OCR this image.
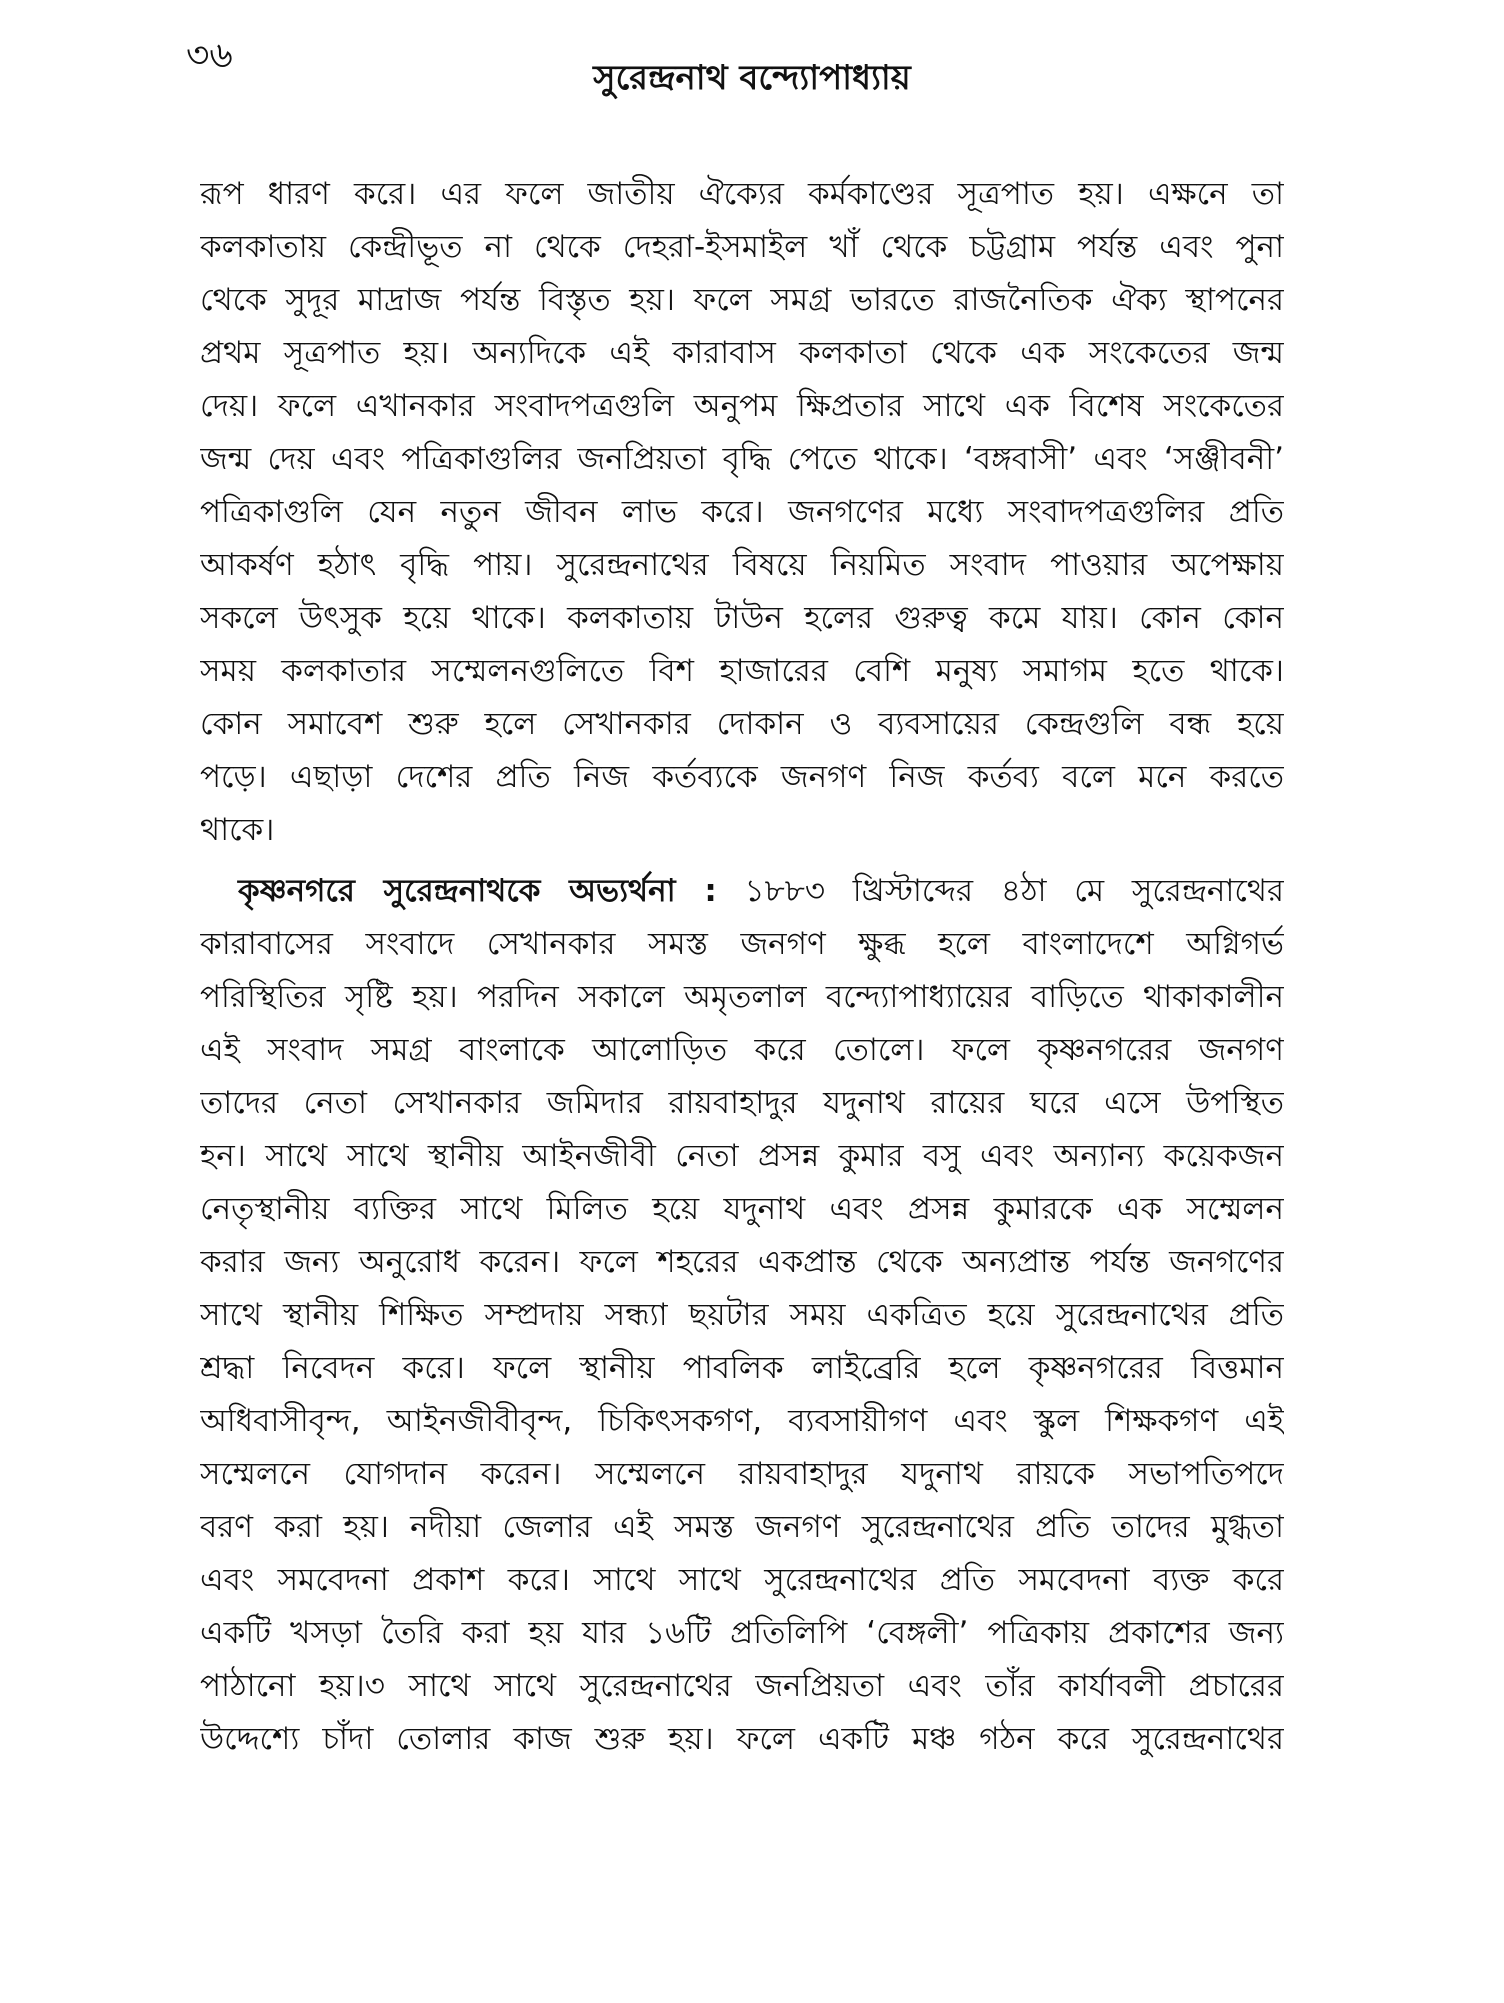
৩৬
সুরেন্দ্রনাথ বন্দ্যোপাধ্যায়
রূপ ধারণ করে। এর ফলে জাতীয় ঐক্যের কর্মকাণ্ডের সূত্রপাত হয়। এক্ষনে তা
কলকাতায় কেন্দ্রীভূত না থেকে দেহরা-ইসমাইল খাঁ থেকে চট্টগ্রাম পর্যন্ত এবং পুনা
থেকে সুদূর মাদ্রাজ পর্যন্ত বিস্তৃত হয়। ফলে সমগ্র ভারতে রাজনৈতিক ঐক্য স্থাপনের
প্রথম সূত্রপাত হয়। অন্যদিকে এই কারাবাস কলকাতা থেকে এক সংকেতের জন্ম
দেয়। ফলে এখানকার সংবাদপত্রগুলি অনুপম ক্ষিপ্রতার সাথে এক বিশেষ সংকেতের
জন্ম দেয় এবং পত্রিকাগুলির জনপ্রিয়তা বৃদ্ধি পেতে থাকে। ‘বঙ্গবাসী’ এবং ‘সঞ্জীবনী’
পত্রিকাগুলি যেন নতুন জীবন লাভ করে। জনগণের মধ্যে সংবাদপত্রগুলির প্রতি
আকর্ষণ হঠাৎ বৃদ্ধি পায়। সুরেন্দ্রনাথের বিষয়ে নিয়মিত সংবাদ পাওয়ার অপেক্ষায়
সকলে উৎসুক হয়ে থাকে। কলকাতায় টাউন হলের গুরুত্ব কমে যায়। কোন কোন
সময় কলকাতার সম্মেলনগুলিতে বিশ হাজারের বেশি মনুষ্য সমাগম হতে থাকে।
কোন সমাবেশ শুরু হলে সেখানকার দোকান ও ব্যবসায়ের কেন্দ্রগুলি বন্ধ হয়ে
পড়ে। এছাড়া দেশের প্রতি নিজ কর্তব্যকে জনগণ নিজ কর্তব্য বলে মনে করতে
থাকে।
কৃষ্ণনগরে সুরেন্দ্রনাথকে অভ্যর্থনা : ১৮৮৩ খ্রিস্টাব্দের ৪ঠা মে সুরেন্দ্রনাথের
কারাবাসের সংবাদে সেখানকার সমস্ত জনগণ ক্ষুব্ধ হলে বাংলাদেশে অগ্নিগর্ভ
পরিস্থিতির সৃষ্টি হয়। পরদিন সকালে অমৃতলাল বন্দ্যোপাধ্যায়ের বাড়িতে থাকাকালীন
এই সংবাদ সমগ্র বাংলাকে আলোড়িত করে তোলে। ফলে কৃষ্ণনগরের জনগণ
তাদের নেতা সেখানকার জমিদার রায়বাহাদুর যদুনাথ রায়ের ঘরে এসে উপস্থিত
হন। সাথে সাথে স্থানীয় আইনজীবী নেতা প্রসন্ন কুমার বসু এবং অন্যান্য কয়েকজন
নেতৃস্থানীয় ব্যক্তির সাথে মিলিত হয়ে যদুনাথ এবং প্রসন্ন কুমারকে এক সম্মেলন
করার জন্য অনুরোধ করেন। ফলে শহরের একপ্রান্ত থেকে অন্যপ্রান্ত পর্যন্ত জনগণের
সাথে স্থানীয় শিক্ষিত সম্প্রদায় সন্ধ্যা ছয়টার সময় একত্রিত হয়ে সুরেন্দ্রনাথের প্রতি
শ্রদ্ধা নিবেদন করে। ফলে স্থানীয় পাবলিক লাইব্রেরি হলে কৃষ্ণনগরের বিত্তমান
অধিবাসীবৃন্দ, আইনজীবীবৃন্দ, চিকিৎসকগণ, ব্যবসায়ীগণ এবং স্কুল শিক্ষকগণ এই
সম্মেলনে যোগদান করেন। সম্মেলনে রায়বাহাদুর যদুনাথ রায়কে সভাপতিপদে
বরণ করা হয়। নদীয়া জেলার এই সমস্ত জনগণ সুরেন্দ্রনাথের প্রতি তাদের মুগ্ধতা
এবং সমবেদনা প্রকাশ করে। সাথে সাথে সুরেন্দ্রনাথের প্রতি সমবেদনা ব্যক্ত করে
একটি খসড়া তৈরি করা হয় যার ১৬টি প্রতিলিপি ‘বেঙ্গলী’ পত্রিকায় প্রকাশের জন্য
পাঠানো হয়।৩ সাথে সাথে সুরেন্দ্রনাথের জনপ্রিয়তা এবং তাঁর কার্যাবলী প্রচারের
উদ্দেশ্যে চাঁদা তোলার কাজ শুরু হয়। ফলে একটি মঞ্চ গঠন করে সুরেন্দ্রনাথের
